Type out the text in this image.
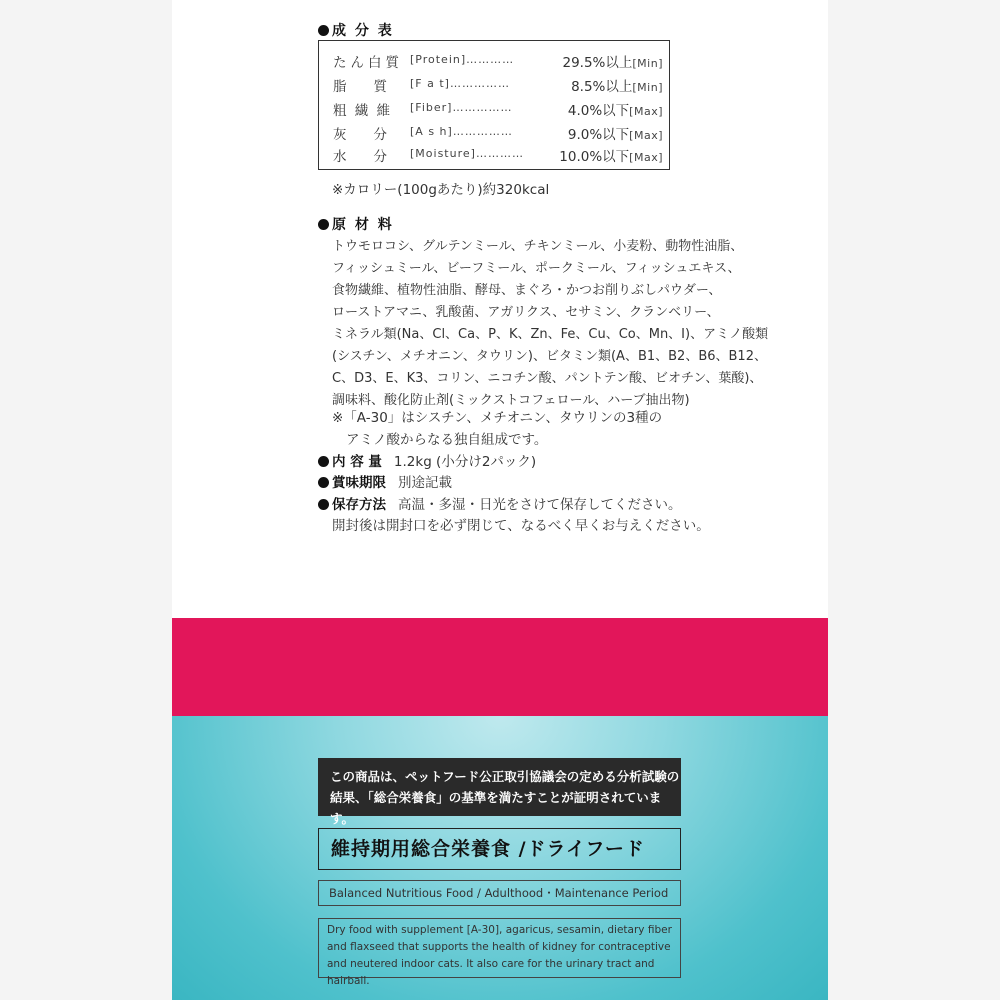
成 分 表
たん白質 [Protein]…………	29.5%以上[Min]
脂　　質	[F a t]……………	8.5%以上[Min]
粗 繊 維	[Fiber]……………	4.0%以下[Max]
灰　　分	[A s h]……………	9.0%以下[Max]
水　　分	[Moisture]…………	10.0%以下[Max]
※カロリー(100gあたり)約320kcal
原 材 料
トウモロコシ、グルテンミール、チキンミール、小麦粉、動物性油脂、
フィッシュミール、ビーフミール、ポークミール、フィッシュエキス、
食物繊維、植物性油脂、酵母、まぐろ・かつお削りぶしパウダー、
ローストアマニ、乳酸菌、アガリクス、セサミン、クランベリー、
ミネラル類(Na、Cl、Ca、P、K、Zn、Fe、Cu、Co、Mn、I)、アミノ酸類
(シスチン、メチオニン、タウリン)、ビタミン類(A、B1、B2、B6、B12、
C、D3、E、K3、コリン、ニコチン酸、パントテン酸、ビオチン、葉酸)、
調味料、酸化防止剤(ミックストコフェロール、ハーブ抽出物)
※「A-30」はシスチン、メチオニン、タウリンの3種の
アミノ酸からなる独自組成です。
内 容 量 1.2kg (小分け2パック)
賞味期限 別途記載
保存方法 高温・多湿・日光をさけて保存してください。
開封後は開封口を必ず閉じて、なるべく早くお与えください。
この商品は、ペットフード公正取引協議会の定める分析試験の
結果、「総合栄養食」の基準を満たすことが証明されています。
維持期用総合栄養食 /ドライフード
Balanced Nutritious Food / Adulthood・Maintenance Period
Dry food with supplement [A-30], agaricus, sesamin, dietary fiber
and flaxseed that supports the health of kidney for contraceptive
and neutered indoor cats. It also care for the urinary tract and hairball.
